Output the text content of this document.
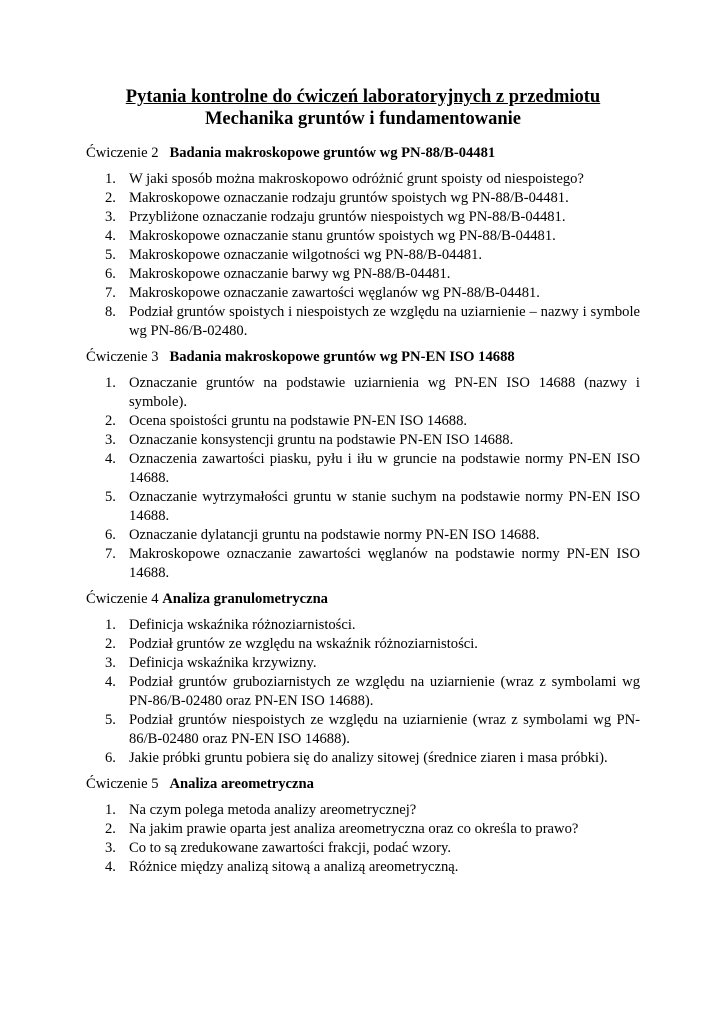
Pytania kontrolne do ćwiczeń laboratoryjnych z przedmiotu
Mechanika gruntów i fundamentowanie

Ćwiczenie 2 Badania makroskopowe gruntów wg PN-88/B-04481

1. W jaki sposób można makroskopowo odróżnić grunt spoisty od niespoistego?
2. Makroskopowe oznaczanie rodzaju gruntów spoistych wg PN-88/B-04481.
3. Przybliżone oznaczanie rodzaju gruntów niespoistych wg PN-88/B-04481.
4. Makroskopowe oznaczanie stanu gruntów spoistych wg PN-88/B-04481.
5. Makroskopowe oznaczanie wilgotności wg PN-88/B-04481.
6. Makroskopowe oznaczanie barwy wg PN-88/B-04481.
7. Makroskopowe oznaczanie zawartości węglanów wg PN-88/B-04481.
8. Podział gruntów spoistych i niespoistych ze względu na uziarnienie – nazwy i symbole wg PN-86/B-02480.

Ćwiczenie 3 Badania makroskopowe gruntów wg PN-EN ISO 14688

1. Oznaczanie gruntów na podstawie uziarnienia wg PN-EN ISO 14688 (nazwy i symbole).
2. Ocena spoistości gruntu na podstawie PN-EN ISO 14688.
3. Oznaczanie konsystencji gruntu na podstawie PN-EN ISO 14688.
4. Oznaczenia zawartości piasku, pyłu i iłu w gruncie na podstawie normy PN-EN ISO 14688.
5. Oznaczanie wytrzymałości gruntu w stanie suchym na podstawie normy PN-EN ISO 14688.
6. Oznaczanie dylatancji gruntu na podstawie normy PN-EN ISO 14688.
7. Makroskopowe oznaczanie zawartości węglanów na podstawie normy PN-EN ISO 14688.

Ćwiczenie 4 Analiza granulometryczna

1. Definicja wskaźnika różnoziarnistości.
2. Podział gruntów ze względu na wskaźnik różnoziarnistości.
3. Definicja wskaźnika krzywizny.
4. Podział gruntów gruboziarnistych ze względu na uziarnienie (wraz z symbolami wg PN-86/B-02480 oraz PN-EN ISO 14688).
5. Podział gruntów niespoistych ze względu na uziarnienie (wraz z symbolami wg PN-86/B-02480 oraz PN-EN ISO 14688).
6. Jakie próbki gruntu pobiera się do analizy sitowej (średnice ziaren i masa próbki).

Ćwiczenie 5 Analiza areometryczna

1. Na czym polega metoda analizy areometrycznej?
2. Na jakim prawie oparta jest analiza areometryczna oraz co określa to prawo?
3. Co to są zredukowane zawartości frakcji, podać wzory.
4. Różnice między analizą sitową a analizą areometryczną.
